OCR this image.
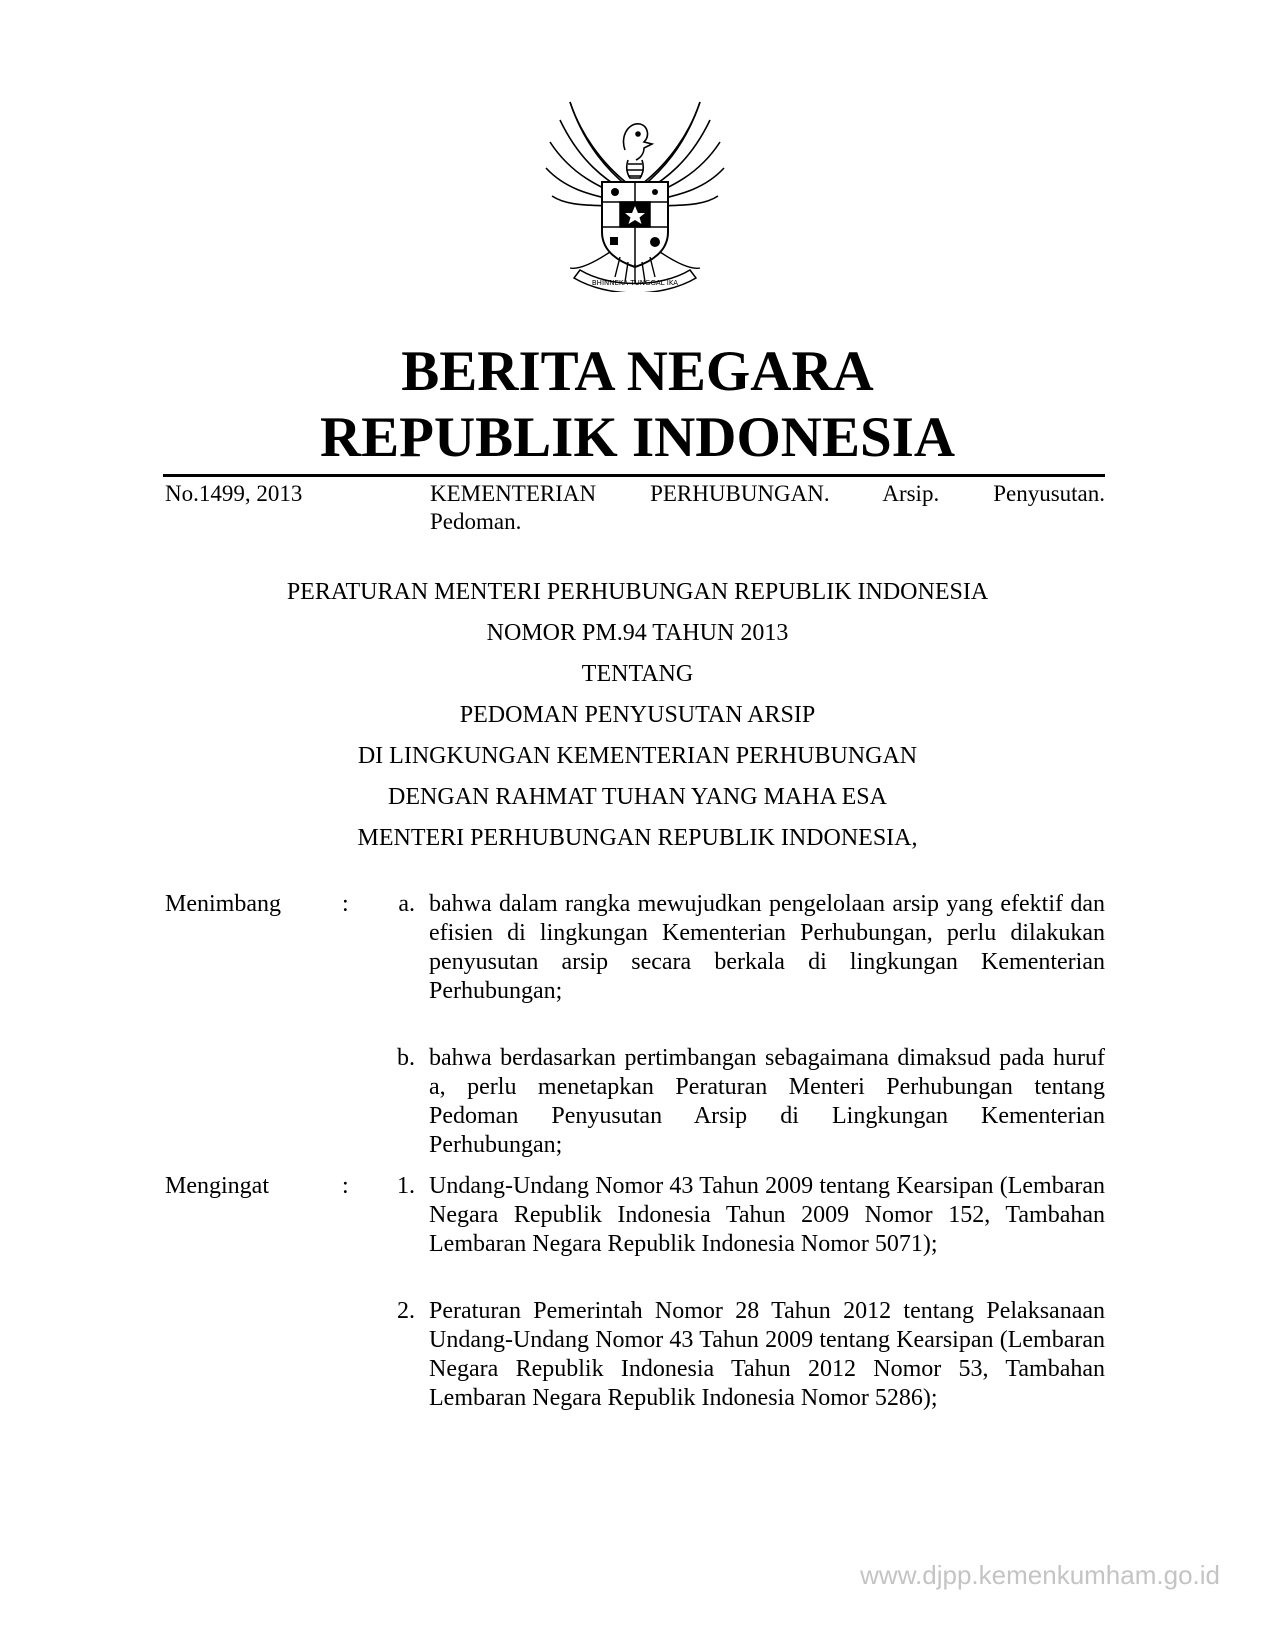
BHINNEKA TUNGGAL IKA
BERITA NEGARA
REPUBLIK INDONESIA
No.1499, 2013	KEMENTERIAN PERHUBUNGAN. Arsip. Penyusutan.
Pedoman.
PERATURAN MENTERI PERHUBUNGAN REPUBLIK INDONESIA
NOMOR PM.94 TAHUN 2013
TENTANG
PEDOMAN PENYUSUTAN ARSIP
DI LINGKUNGAN KEMENTERIAN PERHUBUNGAN
DENGAN RAHMAT TUHAN YANG MAHA ESA
MENTERI PERHUBUNGAN REPUBLIK INDONESIA,
Menimbang	:	a. bahwa dalam rangka mewujudkan pengelolaan arsip yang efektif dan efisien di lingkungan Kementerian Perhubungan, perlu dilakukan penyusutan arsip secara berkala di lingkungan Kementerian Perhubungan;
b. bahwa berdasarkan pertimbangan sebagaimana dimaksud pada huruf a, perlu menetapkan Peraturan Menteri Perhubungan tentang Pedoman Penyusutan Arsip di Lingkungan Kementerian Perhubungan;
Mengingat	:	1. Undang-Undang Nomor 43 Tahun 2009 tentang Kearsipan (Lembaran Negara Republik Indonesia Tahun 2009 Nomor 152, Tambahan Lembaran Negara Republik Indonesia Nomor 5071);
2. Peraturan Pemerintah Nomor 28 Tahun 2012 tentang Pelaksanaan Undang-Undang Nomor 43 Tahun 2009 tentang Kearsipan (Lembaran Negara Republik Indonesia Tahun 2012 Nomor 53, Tambahan Lembaran Negara Republik Indonesia Nomor 5286);
www.djpp.kemenkumham.go.id
